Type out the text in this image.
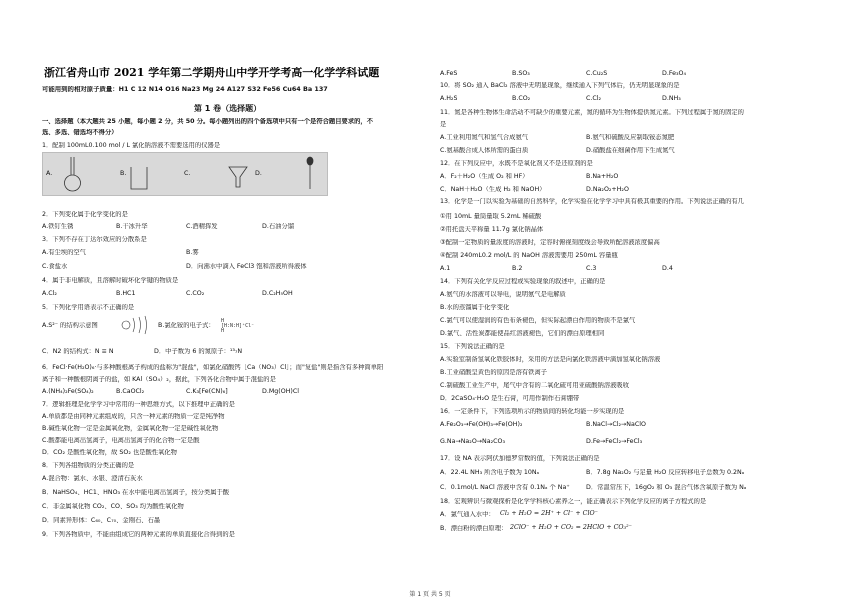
浙江省舟山市 2021 学年第二学期舟山中学开学考高一化学学科试题
可能用到的相对原子质量：H1 C 12 N14 O16 Na23 Mg 24 A127 S32 Fe56 Cu64 Ba 137
第 1 卷（选择题）
一、选择题（本大题共 25 小题，每小题 2 分，共 50 分。每小题列出的四个备选项中只有一个是符合题目要求的，不
选、多选、错选均不得分）
1．配制 100mL0.100 mol / L 氯化钠溶液不需要选用的仪器是
A.	B.	C.	D.
2．下列变化属于化学变化的是
A.铁钉生锈	B.干冰升华	C.酒精挥发	D.石油分馏
3．下列不存在丁达尔效应的分散系是
A.有尘埃的空气	B.雾
C.食盐水	D．向沸水中滴入 FeCl3 饱和溶液所得液体
4．属于非电解质，且溶解时破坏化学键的物质是
A.Cl₂	B.HC1	C.CO₂	D.C₂H₅OH
5．下列化学用语表示不正确的是
A.S²⁻ 的结构示意图	B.氯化铵的电子式：
H
[H:N:H]⁺Cl⁻
H
C．N2 的结构式：N ≡ N	D．中子数为 6 的氮原子：¹³₇N
6．FeCl·Fe(H₂O)₆·与多种酸根离子构成的盐称为"混盐"，如氯化硝酸钙［Ca（NO₃）Cl］；而"复盐"则是指含有多种简单阳
离子和一种酸根阴离子的盐，如 KAl（SO₄）₂，据此，下列各化合物中属于混盐的是
A.(NH₄)₂Fe(SO₄)₂	B.CaOCl₂	C.K₃[Fe(CN)₆]	D.Mg(OH)Cl
7．逻辑推理是化学学习中常用的一种思维方式，以下推理中正确的是
A.单质都是由同种元素组成的，只含一种元素的物质一定是纯净物
B.碱性氧化物一定是金属氧化物，金属氧化物一定是碱性氧化物
C.酸都能电离出氢离子，电离出氢离子的化合物一定是酸
D．CO₂ 是酸性氧化物，故 SO₂ 也是酸性氧化物
8．下列各组物质的分类正确的是
A.混合物：氯水、水银、澄清石灰水
B．NaHSO₄、HC1、HNO₃ 在水中能电离出氢离子，按分类属于酸
C．非金属氧化物 CO₂、CO、SO₃ 均为酸性氧化物
D．同素异形体：C₆₀、C₇₀、金刚石、石墨
9．下列各物质中，不能由组成它的两种元素的单质直接化合得到的是
A.FeS	B.SO₃	C.Cu₂S	D.Fe₃O₄
10．将 SO₂ 通入 BaCl₂ 溶液中无明显现象，继续通入下列气体后，仍无明显现象的是
A.H₂S	B.CO₂	C.Cl₂	D.NH₃
11．氮是各种生物体生命活动不可缺少的重要元素，氮的循环为生物体提供氮元素。下列过程属于氮的固定的
是
A.工业利用氮气和氢气合成氨气	B.氨气和硫酸反应制取铵态氮肥
C.氨基酸合成人体所需的蛋白质	D.硝酸盐在细菌作用下生成氮气
12．在下列反应中，水既不是氧化剂又不是还原剂的是
A．F₂＋H₂O（生成 O₂ 和 HF）	B.Na+H₂O
C．NaH＋H₂O（生成 H₂ 和 NaOH）	D.Na₂O₂+H₂O
13．化学是一门以实验为基础的自然科学，化学实验在化学学习中具有极其重要的作用。下列说法正确的有几
①用 10mL 量筒量取 5.2mL 稀硫酸
②用托盘天平称量 11.7g 氯化钠晶体
③配制一定物质的量浓度的溶液时，定容时俯视刻度线会导致所配溶液浓度偏高
④配制 240mL0.2 mol/L 的 NaOH 溶液需要用 250mL 容量瓶
A.1	B.2	C.3	D.4
14．下列有关化学反应过程或实验现象的叙述中，正确的是
A.氨气的水溶液可以导电，说明氨气是电解质
B.水的蒸馏属于化学变化
C.氯气可以使湿润的有色布条褪色，但实际起漂白作用的物质不是氯气
D.氯气、活性炭都能使品红溶液褪色，它们的漂白原理相同
15．下列说法正确的是
A.实验室制备氢氧化铁胶体时，采用的方法是向氯化铁溶液中滴加氢氧化钠溶液
B.工业硝酸呈黄色的原因是溶有铁离子
C.制硫酸工业生产中，尾气中含有的二氧化硫可用亚硫酸钠溶液吸收
D．2CaSO₄·H₂O 是生石膏，可用作制作石膏绷带
16．一定条件下，下列选项所示的物质间的转化均能一步实现的是
A.Fe₂O₃→Fe(OH)₃→Fe(OH)₂	B.NaCl→Cl₂→NaClO
G.Na→Na₂O→Na₂CO₃	D.Fe→FeCl₂→FeCl₃
17．设 NA 表示阿伏加德罗常数的值，下列说法正确的是
A．22.4L NH₃ 所含电子数为 10Nₐ	B．7.8g Na₂O₂ 与足量 H₂O 反应转移电子总数为 0.2Nₐ
C．0.1mol/L NaCl 溶液中含有 0.1Nₐ 个 Na⁺	D．常温常压下，16gO₂ 和 O₃ 混合气体含氧原子数为 Nₐ
18．宏观辨识与微观探析是化学学科核心素养之一，能正确表示下列化学反应的离子方程式的是
A．氯气通入水中： Cl₂ + H₂O = 2H⁺ + Cl⁻ + ClO⁻
B．漂白粉的漂白原理： 2ClO⁻ + H₂O + CO₂ = 2HClO + CO₃²⁻
第 1 页 共 5 页
